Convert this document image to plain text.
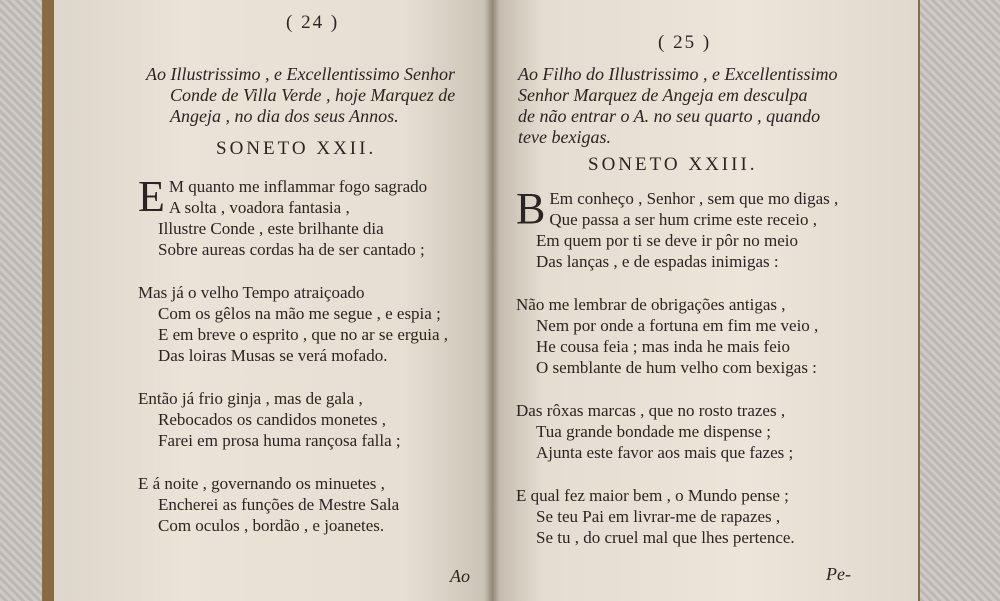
( 24 )
Ao Illustrissimo , e Excellentissimo Senhor
Conde de Villa Verde , hoje Marquez de
Angeja , no dia dos seus Annos.
SONETO XXII.
E M quanto me inflammar fogo sagrado
A solta , voadora fantasia ,
Illustre Conde , este brilhante dia
Sobre aureas cordas ha de ser cantado ;
Mas já o velho Tempo atraiçoado
Com os gêlos na mão me segue , e espia ;
E em breve o esprito , que no ar se erguia ,
Das loiras Musas se verá mofado.
Então já frio ginja , mas de gala ,
Rebocados os candidos monetes ,
Farei em prosa huma rançosa falla ;
E á noite , governando os minuetes ,
Encherei as funções de Mestre Sala
Com oculos , bordão , e joanetes.
Ao
( 25 )
Ao Filho do Illustrissimo , e Excellentissimo
Senhor Marquez de Angeja em desculpa
de não entrar o A. no seu quarto , quando
teve bexigas.
SONETO XXIII.
B Em conheço , Senhor , sem que mo digas ,
Que passa a ser hum crime este receio ,
Em quem por ti se deve ir pôr no meio
Das lanças , e de espadas inimigas :
Não me lembrar de obrigações antigas ,
Nem por onde a fortuna em fim me veio ,
He cousa feia ; mas inda he mais feio
O semblante de hum velho com bexigas :
Das rôxas marcas , que no rosto trazes ,
Tua grande bondade me dispense ;
Ajunta este favor aos mais que fazes ;
E qual fez maior bem , o Mundo pense ;
Se teu Pai em livrar-me de rapazes ,
Se tu , do cruel mal que lhes pertence.
Pe-
